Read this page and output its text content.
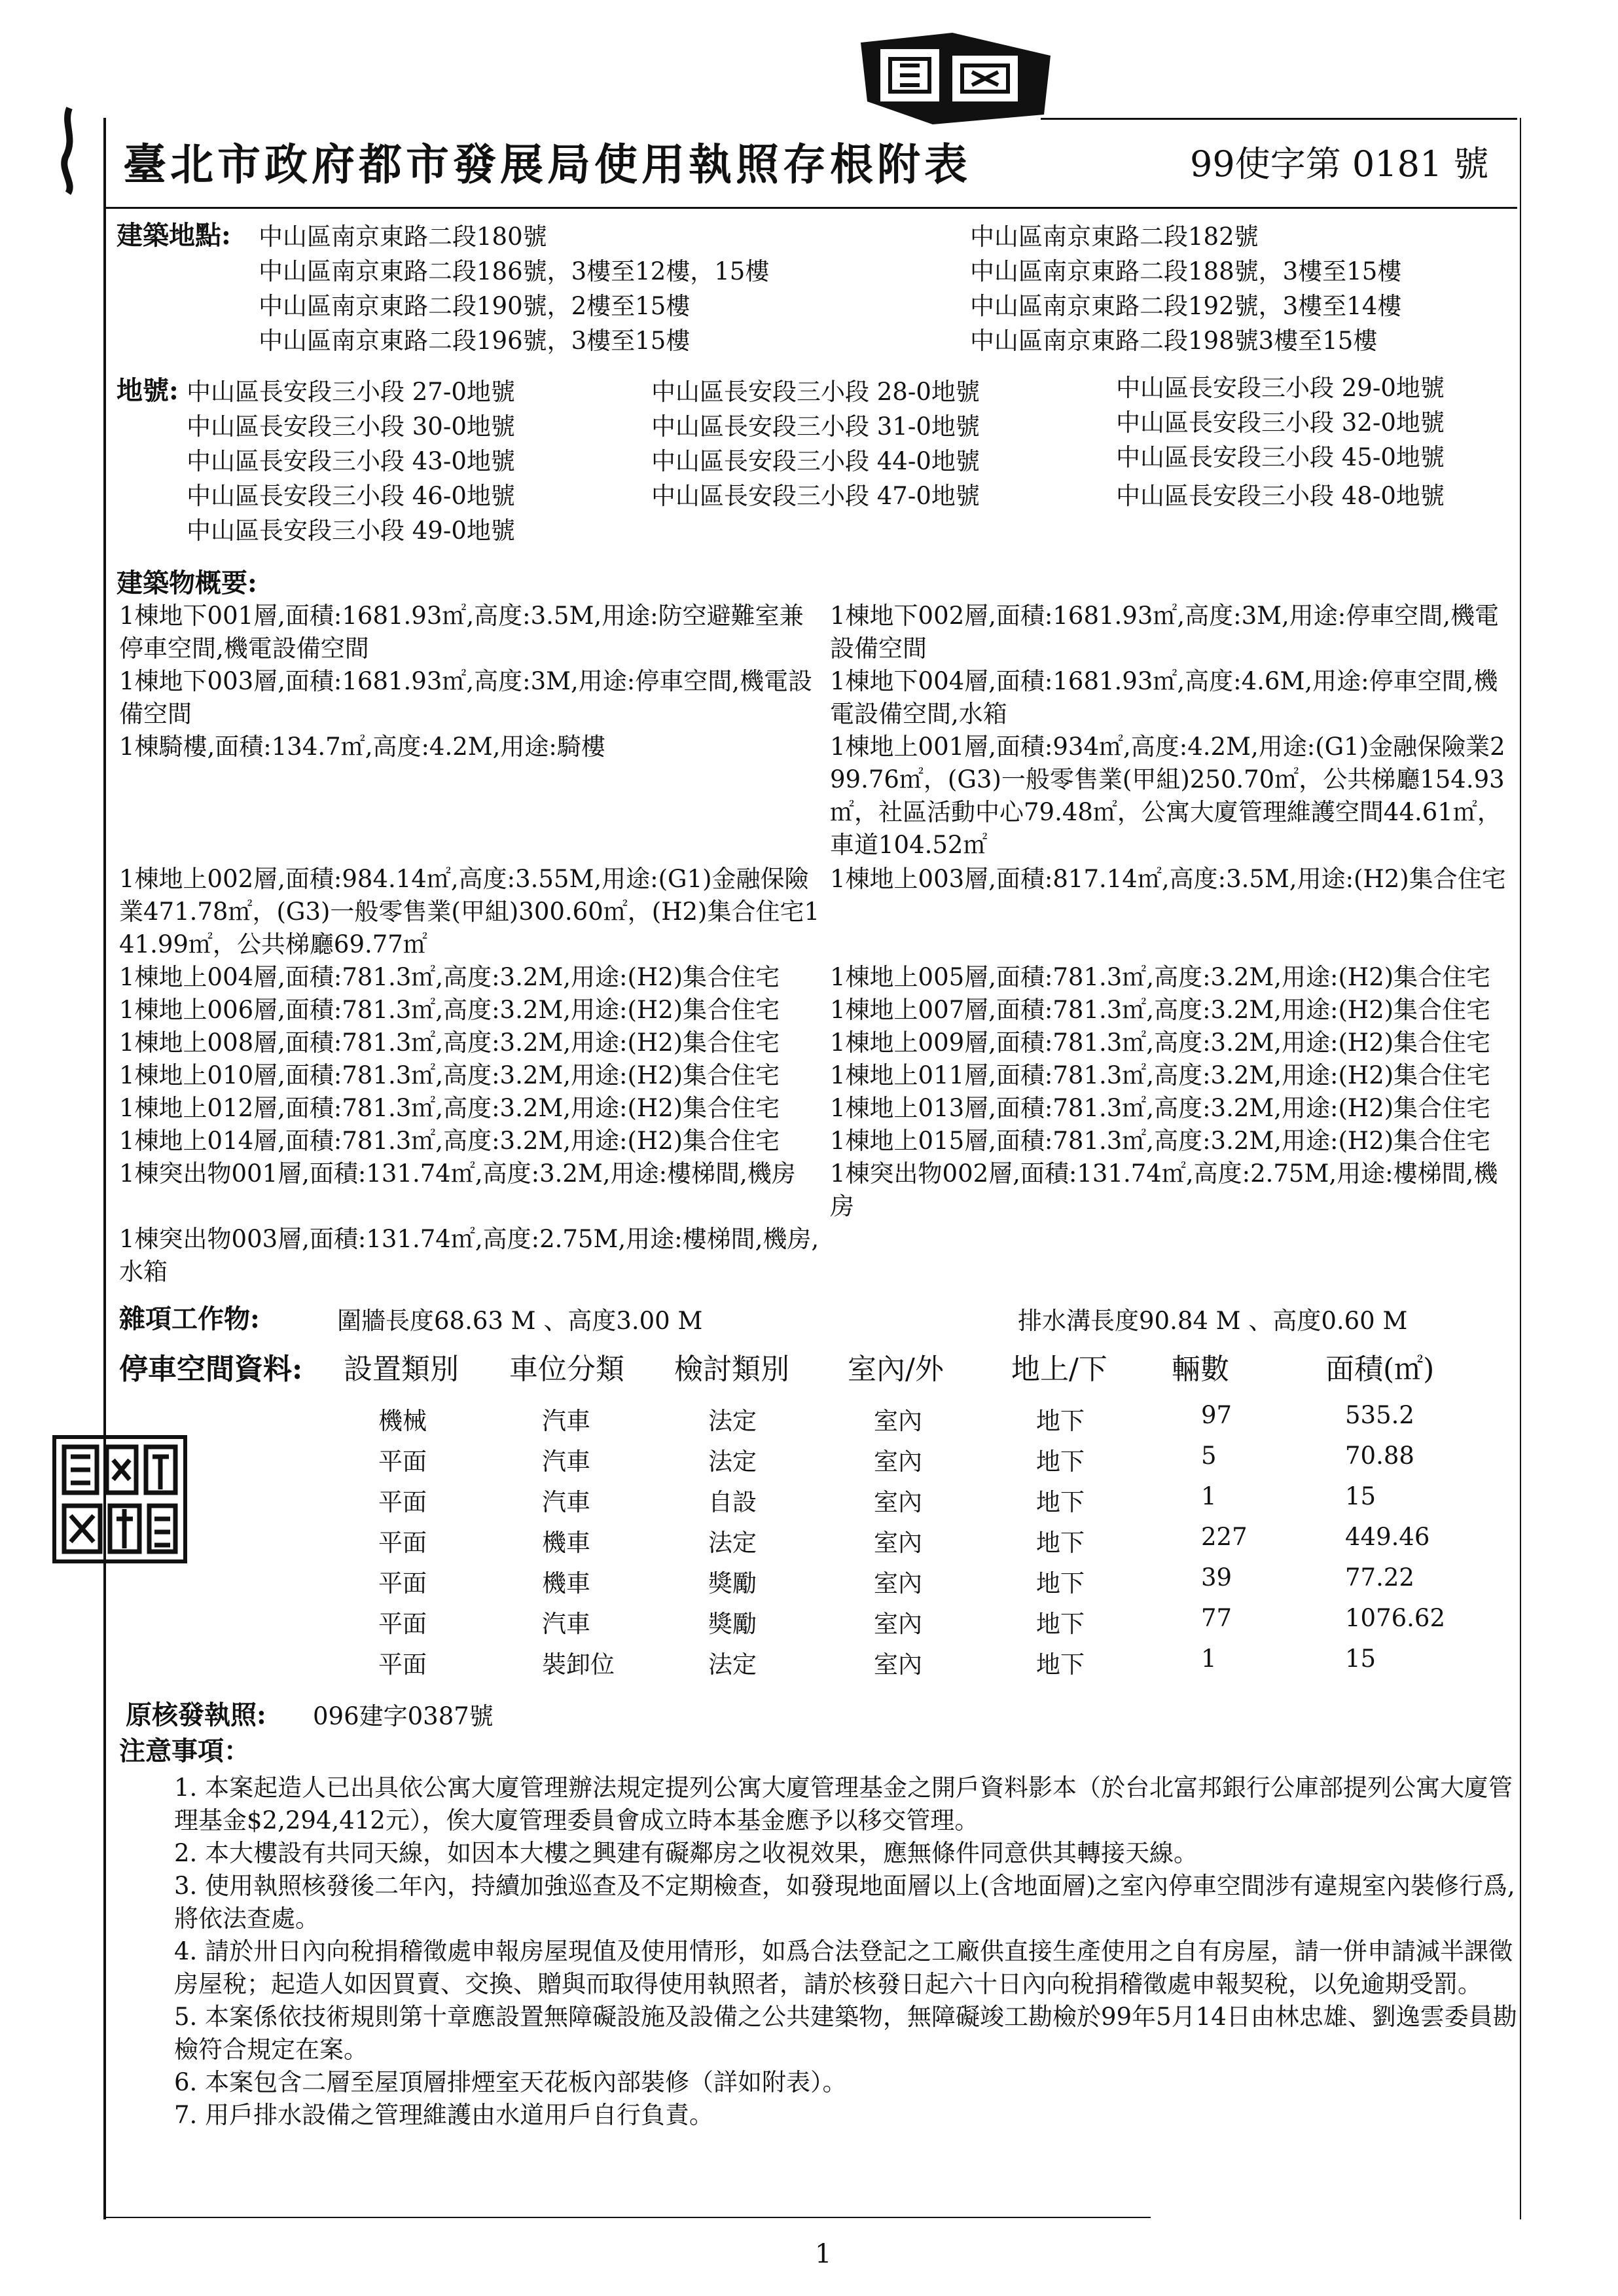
臺北市政府都市發展局使用執照存根附表	99使字第 0181 號
建築地點: 中山區南京東路二段180號
中山區南京東路二段186號，3樓至12樓，15樓
中山區南京東路二段190號，2樓至15樓
中山區南京東路二段196號，3樓至15樓
中山區南京東路二段182號
中山區南京東路二段188號，3樓至15樓
中山區南京東路二段192號，3樓至14樓
中山區南京東路二段198號3樓至15樓
地號: 中山區長安段三小段 27-0地號
中山區長安段三小段 30-0地號
中山區長安段三小段 43-0地號
中山區長安段三小段 46-0地號
中山區長安段三小段 49-0地號
中山區長安段三小段 28-0地號
中山區長安段三小段 31-0地號
中山區長安段三小段 44-0地號
中山區長安段三小段 47-0地號
中山區長安段三小段 29-0地號
中山區長安段三小段 32-0地號
中山區長安段三小段 45-0地號
中山區長安段三小段 48-0地號
建築物概要:
1棟地下001層,面積:1681.93㎡,高度:3.5M,用途:防空避難室兼停車空間,機電設備空間
1棟地下003層,面積:1681.93㎡,高度:3M,用途:停車空間,機電設備空間
1棟騎樓,面積:134.7㎡,高度:4.2M,用途:騎樓
1棟地上002層,面積:984.14㎡,高度:3.55M,用途:(G1)金融保險業471.78㎡，(G3)一般零售業(甲組)300.60㎡，(H2)集合住宅141.99㎡，公共梯廳69.77㎡
1棟地上004層,面積:781.3㎡,高度:3.2M,用途:(H2)集合住宅
1棟地上006層,面積:781.3㎡,高度:3.2M,用途:(H2)集合住宅
1棟地上008層,面積:781.3㎡,高度:3.2M,用途:(H2)集合住宅
1棟地上010層,面積:781.3㎡,高度:3.2M,用途:(H2)集合住宅
1棟地上012層,面積:781.3㎡,高度:3.2M,用途:(H2)集合住宅
1棟地上014層,面積:781.3㎡,高度:3.2M,用途:(H2)集合住宅
1棟突出物001層,面積:131.74㎡,高度:3.2M,用途:樓梯間,機房
1棟突出物003層,面積:131.74㎡,高度:2.75M,用途:樓梯間,機房,水箱
1棟地下002層,面積:1681.93㎡,高度:3M,用途:停車空間,機電設備空間
1棟地下004層,面積:1681.93㎡,高度:4.6M,用途:停車空間,機電設備空間,水箱
1棟地上001層,面積:934㎡,高度:4.2M,用途:(G1)金融保險業299.76㎡，(G3)一般零售業(甲組)250.70㎡，公共梯廳154.93㎡，社區活動中心79.48㎡，公寓大廈管理維護空間44.61㎡，車道104.52㎡
1棟地上003層,面積:817.14㎡,高度:3.5M,用途:(H2)集合住宅
1棟地上005層,面積:781.3㎡,高度:3.2M,用途:(H2)集合住宅
1棟地上007層,面積:781.3㎡,高度:3.2M,用途:(H2)集合住宅
1棟地上009層,面積:781.3㎡,高度:3.2M,用途:(H2)集合住宅
1棟地上011層,面積:781.3㎡,高度:3.2M,用途:(H2)集合住宅
1棟地上013層,面積:781.3㎡,高度:3.2M,用途:(H2)集合住宅
1棟地上015層,面積:781.3㎡,高度:3.2M,用途:(H2)集合住宅
1棟突出物002層,面積:131.74㎡,高度:2.75M,用途:樓梯間,機房
雜項工作物:	圍牆長度68.63 M 、高度3.00 M	排水溝長度90.84 M 、高度0.60 M
停車空間資料: 設置類別 車位分類 檢討類別 室內/外 地上/下 輛數	面積(㎡)
機械	汽車	法定	室內	地下	97	535.2
平面	汽車	法定	室內	地下	5	70.88
平面	汽車	自設	室內	地下	1	15
平面	機車	法定	室內	地下	227	449.46
平面	機車	獎勵	室內	地下	39	77.22
平面	汽車	獎勵	室內	地下	77	1076.62
平面	裝卸位	法定	室內	地下	1	15
原核發執照: 096建字0387號
注意事項：
1. 本案起造人已出具依公寓大廈管理辦法規定提列公寓大廈管理基金之開戶資料影本（於台北富邦銀行公庫部提列公寓大廈管理基金$2,294,412元），俟大廈管理委員會成立時本基金應予以移交管理。
2. 本大樓設有共同天線，如因本大樓之興建有礙鄰房之收視效果，應無條件同意供其轉接天線。
3. 使用執照核發後二年內，持續加強巡查及不定期檢查，如發現地面層以上(含地面層)之室內停車空間涉有違規室內裝修行爲,將依法查處。
4. 請於卅日內向稅捐稽徵處申報房屋現值及使用情形，如爲合法登記之工廠供直接生產使用之自有房屋，請一併申請減半課徵房屋稅；起造人如因買賣、交換、贈與而取得使用執照者，請於核發日起六十日內向稅捐稽徵處申報契稅，以免逾期受罰。
5. 本案係依技術規則第十章應設置無障礙設施及設備之公共建築物，無障礙竣工勘檢於99年5月14日由林忠雄、劉逸雲委員勘檢符合規定在案。
6. 本案包含二層至屋頂層排煙室天花板內部裝修（詳如附表）。
7. 用戶排水設備之管理維護由水道用戶自行負責。
1
